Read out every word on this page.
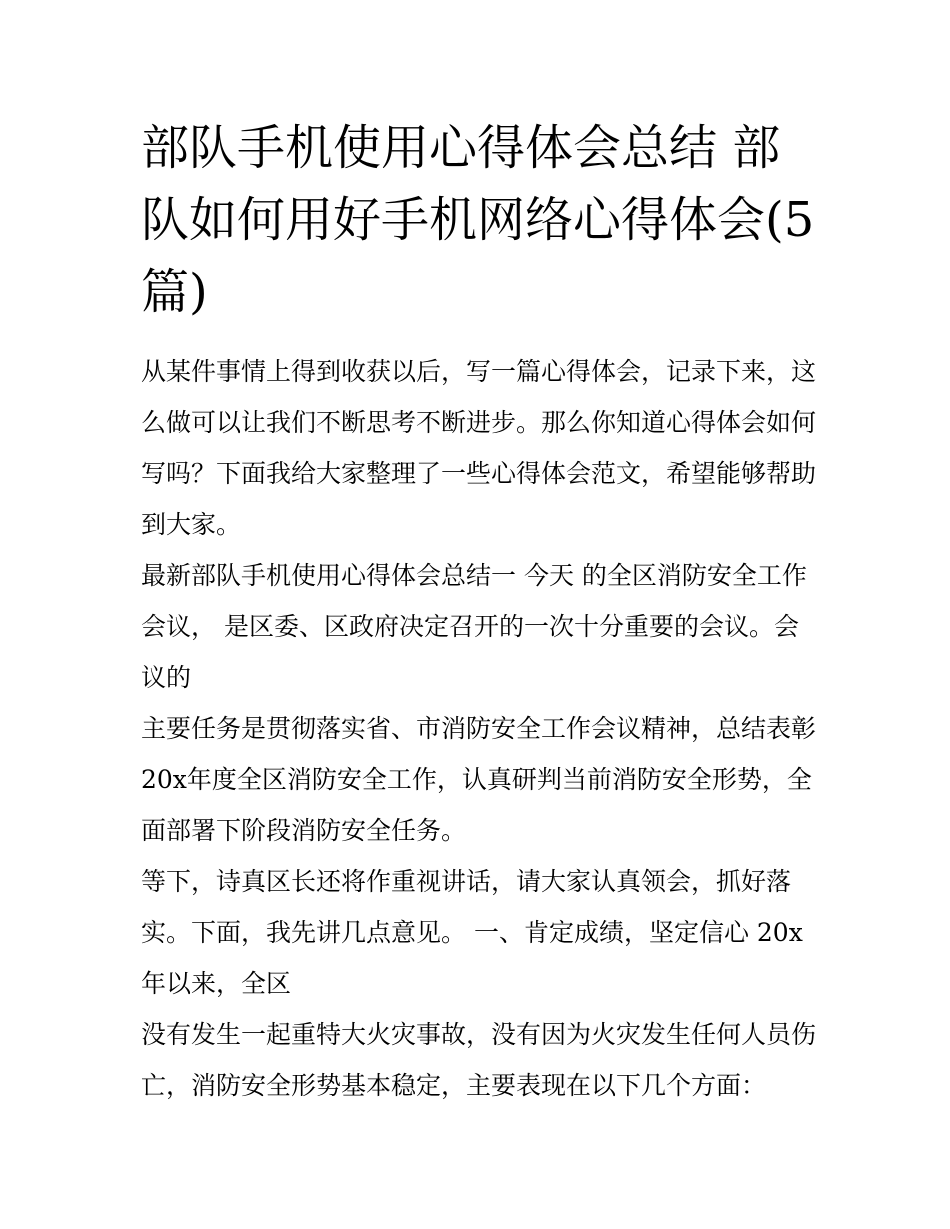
部队手机使用心得体会总结 部队如何用好手机网络心得体会(5篇)

从某件事情上得到收获以后，写一篇心得体会，记录下来，这么做可以让我们不断思考不断进步。那么你知道心得体会如何写吗？下面我给大家整理了一些心得体会范文，希望能够帮助到大家。

最新部队手机使用心得体会总结一 今天 的全区消防安全工作会议， 是区委、区政府决定召开的一次十分重要的会议。会议的

主要任务是贯彻落实省、市消防安全工作会议精神，总结表彰20x年度全区消防安全工作，认真研判当前消防安全形势，全面部署下阶段消防安全任务。

等下，诗真区长还将作重视讲话，请大家认真领会，抓好落实。下面，我先讲几点意见。 一、肯定成绩，坚定信心 20x年以来，全区

没有发生一起重特大火灾事故，没有因为火灾发生任何人员伤亡，消防安全形势基本稳定，主要表现在以下几个方面：
